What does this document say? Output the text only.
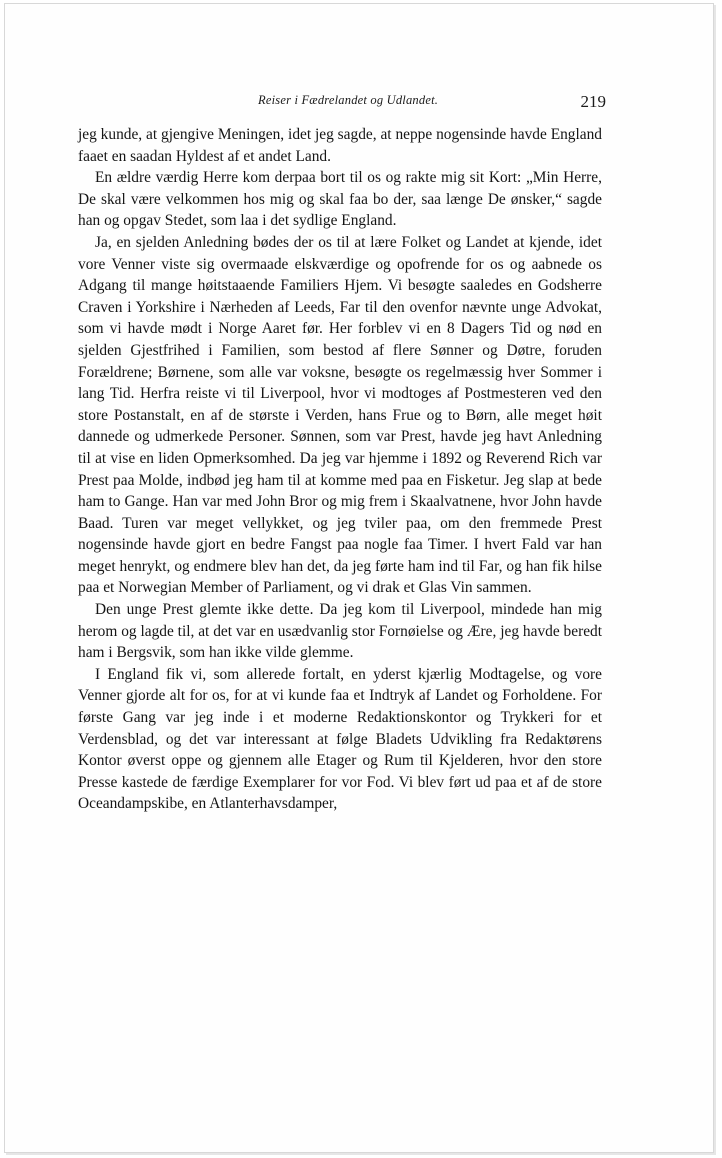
Reiser i Fædrelandet og Udlandet.	219

jeg kunde, at gjengive Meningen, idet jeg sagde, at neppe nogensinde havde England faaet en saadan Hyldest af et andet Land.

En ældre værdig Herre kom derpaa bort til os og rakte mig sit Kort: „Min Herre, De skal være velkommen hos mig og skal faa bo der, saa længe De ønsker,“ sagde han og opgav Stedet, som laa i det sydlige England.

Ja, en sjelden Anledning bødes der os til at lære Folket og Landet at kjende, idet vore Venner viste sig overmaade elskværdige og opofrende for os og aabnede os Adgang til mange høitstaaende Familiers Hjem. Vi besøgte saaledes en Godsherre Craven i Yorkshire i Nærheden af Leeds, Far til den ovenfor nævnte unge Advokat, som vi havde mødt i Norge Aaret før. Her forblev vi en 8 Dagers Tid og nød en sjelden Gjestfrihed i Familien, som bestod af flere Sønner og Døtre, foruden Forældrene; Børnene, som alle var voksne, besøgte os regelmæssig hver Sommer i lang Tid. Herfra reiste vi til Liverpool, hvor vi modtoges af Postmesteren ved den store Postanstalt, en af de største i Verden, hans Frue og to Børn, alle meget høit dannede og udmerkede Personer. Sønnen, som var Prest, havde jeg havt Anledning til at vise en liden Opmerksomhed. Da jeg var hjemme i 1892 og Reverend Rich var Prest paa Molde, indbød jeg ham til at komme med paa en Fisketur. Jeg slap at bede ham to Gange. Han var med John Bror og mig frem i Skaalvatnene, hvor John havde Baad. Turen var meget vellykket, og jeg tviler paa, om den fremmede Prest nogensinde havde gjort en bedre Fangst paa nogle faa Timer. I hvert Fald var han meget henrykt, og endmere blev han det, da jeg førte ham ind til Far, og han fik hilse paa et Norwegian Member of Parliament, og vi drak et Glas Vin sammen.

Den unge Prest glemte ikke dette. Da jeg kom til Liverpool, mindede han mig herom og lagde til, at det var en usædvanlig stor Fornøielse og Ære, jeg havde beredt ham i Bergsvik, som han ikke vilde glemme.

I England fik vi, som allerede fortalt, en yderst kjærlig Modtagelse, og vore Venner gjorde alt for os, for at vi kunde faa et Indtryk af Landet og Forholdene. For første Gang var jeg inde i et moderne Redaktionskontor og Trykkeri for et Verdensblad, og det var interessant at følge Bladets Udvikling fra Redaktørens Kontor øverst oppe og gjennem alle Etager og Rum til Kjelderen, hvor den store Presse kastede de færdige Exemplarer for vor Fod. Vi blev ført ud paa et af de store Oceandampskibe, en Atlanterhavsdamper,
